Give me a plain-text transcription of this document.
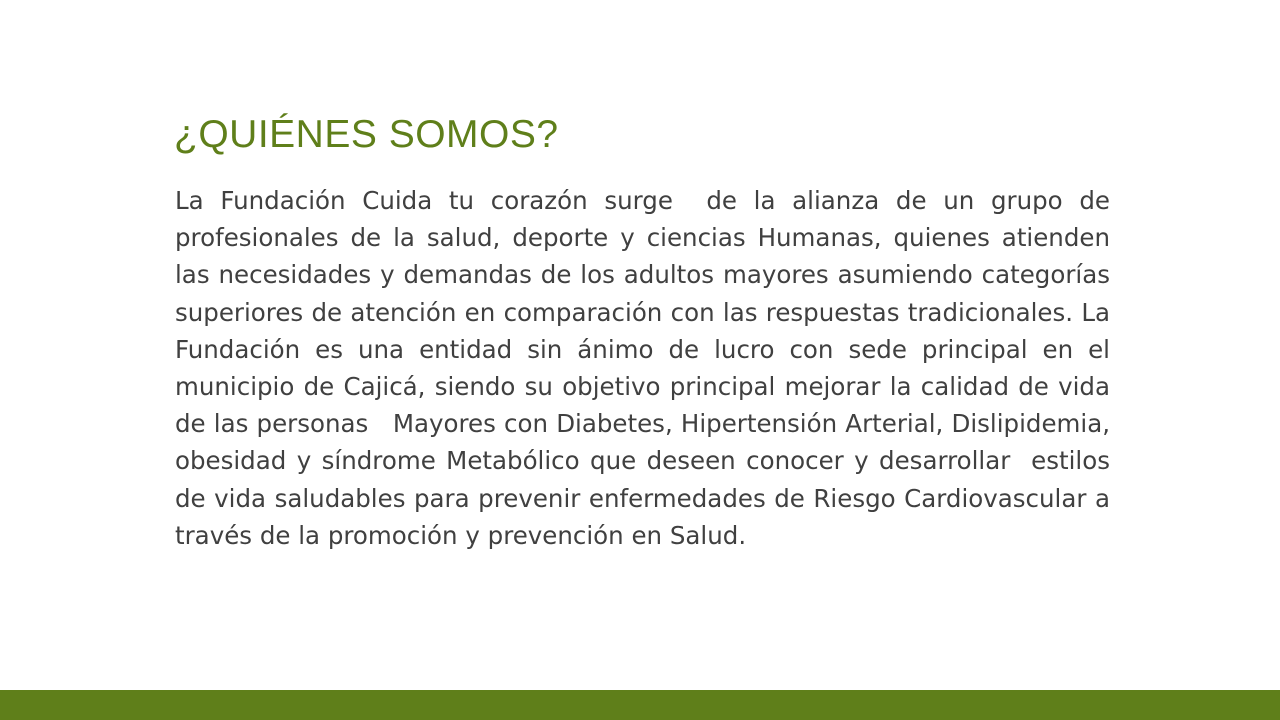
¿QUIÉNES SOMOS?

La Fundación Cuida tu corazón surge  de la alianza de un grupo de profesionales de la salud, deporte y ciencias Humanas, quienes atienden las necesidades y demandas de los adultos mayores asumiendo categorías superiores de atención en comparación con las respuestas tradicionales. La Fundación es una entidad sin ánimo de lucro con sede principal en el municipio de Cajicá, siendo su objetivo principal mejorar la calidad de vida de las personas   Mayores con Diabetes, Hipertensión Arterial, Dislipidemia, obesidad y síndrome Metabólico que deseen conocer y desarrollar  estilos de vida saludables para prevenir enfermedades de Riesgo Cardiovascular a través de la promoción y prevención en Salud.
